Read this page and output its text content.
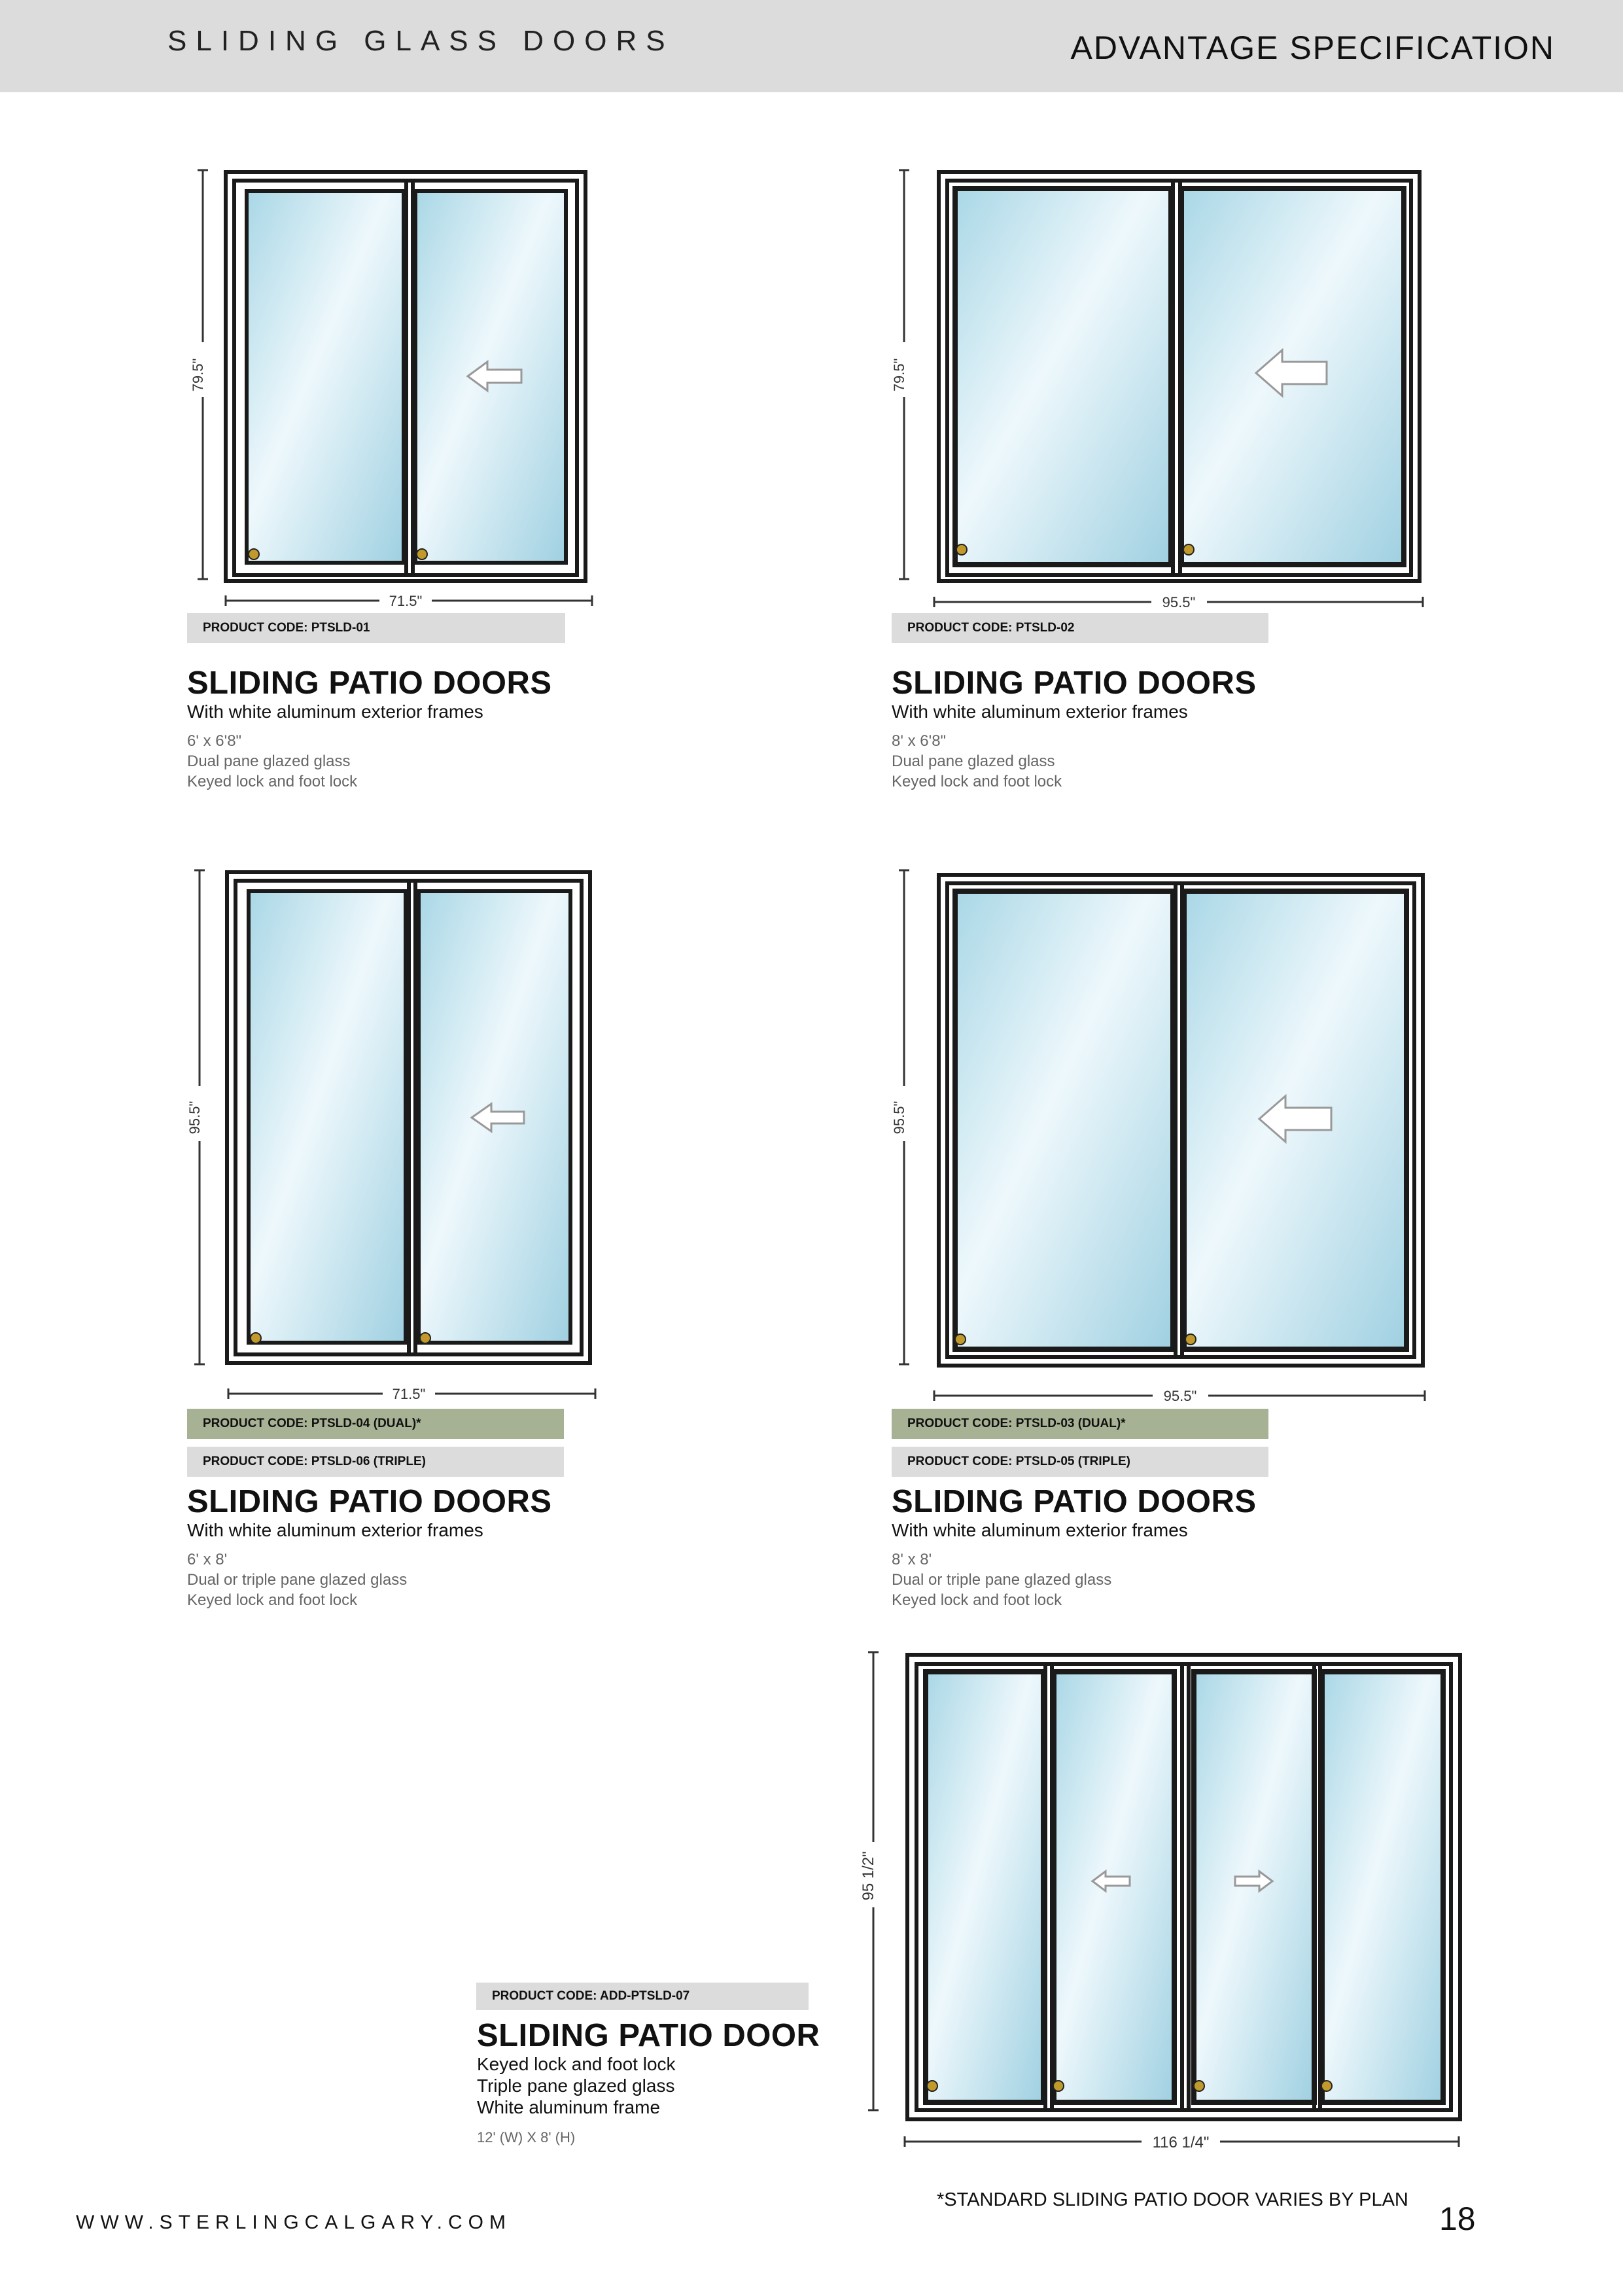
SLIDING GLASS DOORS	ADVANTAGE SPECIFICATION
79.5"
71.5"
PRODUCT CODE: PTSLD-01
SLIDING PATIO DOORS
With white aluminum exterior frames
6' x 6'8"
Dual pane glazed glass
Keyed lock and foot lock
79.5"
95.5"
PRODUCT CODE: PTSLD-02
SLIDING PATIO DOORS
With white aluminum exterior frames
8' x 6'8"
Dual pane glazed glass
Keyed lock and foot lock
95.5"
71.5"
PRODUCT CODE: PTSLD-04 (DUAL)*
PRODUCT CODE: PTSLD-06 (TRIPLE)
SLIDING PATIO DOORS
With white aluminum exterior frames
6' x 8'
Dual or triple pane glazed glass
Keyed lock and foot lock
95.5"
95.5"
PRODUCT CODE: PTSLD-03 (DUAL)*
PRODUCT CODE: PTSLD-05 (TRIPLE)
SLIDING PATIO DOORS
With white aluminum exterior frames
8' x 8'
Dual or triple pane glazed glass
Keyed lock and foot lock
95 1/2"
116 1/4"
PRODUCT CODE: ADD-PTSLD-07
SLIDING PATIO DOOR
Keyed lock and foot lock
Triple pane glazed glass
White aluminum frame
12' (W) X 8' (H)
WWW.STERLINGCALGARY.COM
*STANDARD SLIDING PATIO DOOR VARIES BY PLAN
18
